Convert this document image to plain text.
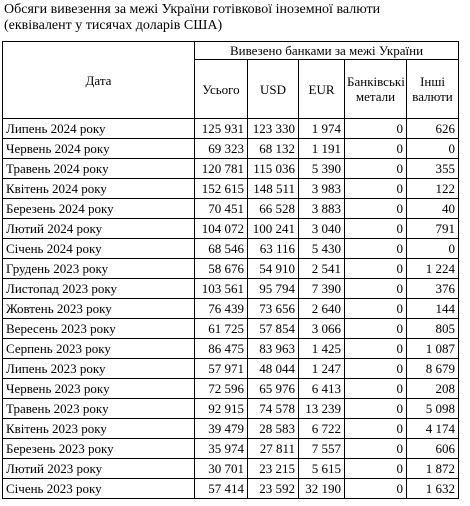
Обсяги вивезення за межі України готівкової іноземної валюти
(еквівалент у тисячах доларів США)
Дата	Вивезено банками за межі України				
	Усього	USD	EUR	Банківські метали	Інші валюти
Липень 2024 року	125 931	123 330	1 974	0	626
Червень 2024 року	69 323	68 132	1 191	0	0
Травень 2024 року	120 781	115 036	5 390	0	355
Квітень 2024 року	152 615	148 511	3 983	0	122
Березень 2024 року	70 451	66 528	3 883	0	40
Лютий 2024 року	104 072	100 241	3 040	0	791
Січень 2024 року	68 546	63 116	5 430	0	0
Грудень 2023 року	58 676	54 910	2 541	0	1 224
Листопад 2023 року	103 561	95 794	7 390	0	376
Жовтень 2023 року	76 439	73 656	2 640	0	144
Вересень 2023 року	61 725	57 854	3 066	0	805
Серпень 2023 року	86 475	83 963	1 425	0	1 087
Липень 2023 року	57 971	48 044	1 247	0	8 679
Червень 2023 року	72 596	65 976	6 413	0	208
Травень 2023 року	92 915	74 578	13 239	0	5 098
Квітень 2023 року	39 479	28 583	6 722	0	4 174
Березень 2023 року	35 974	27 811	7 557	0	606
Лютий 2023 року	30 701	23 215	5 615	0	1 872
Січень 2023 року	57 414	23 592	32 190	0	1 632
